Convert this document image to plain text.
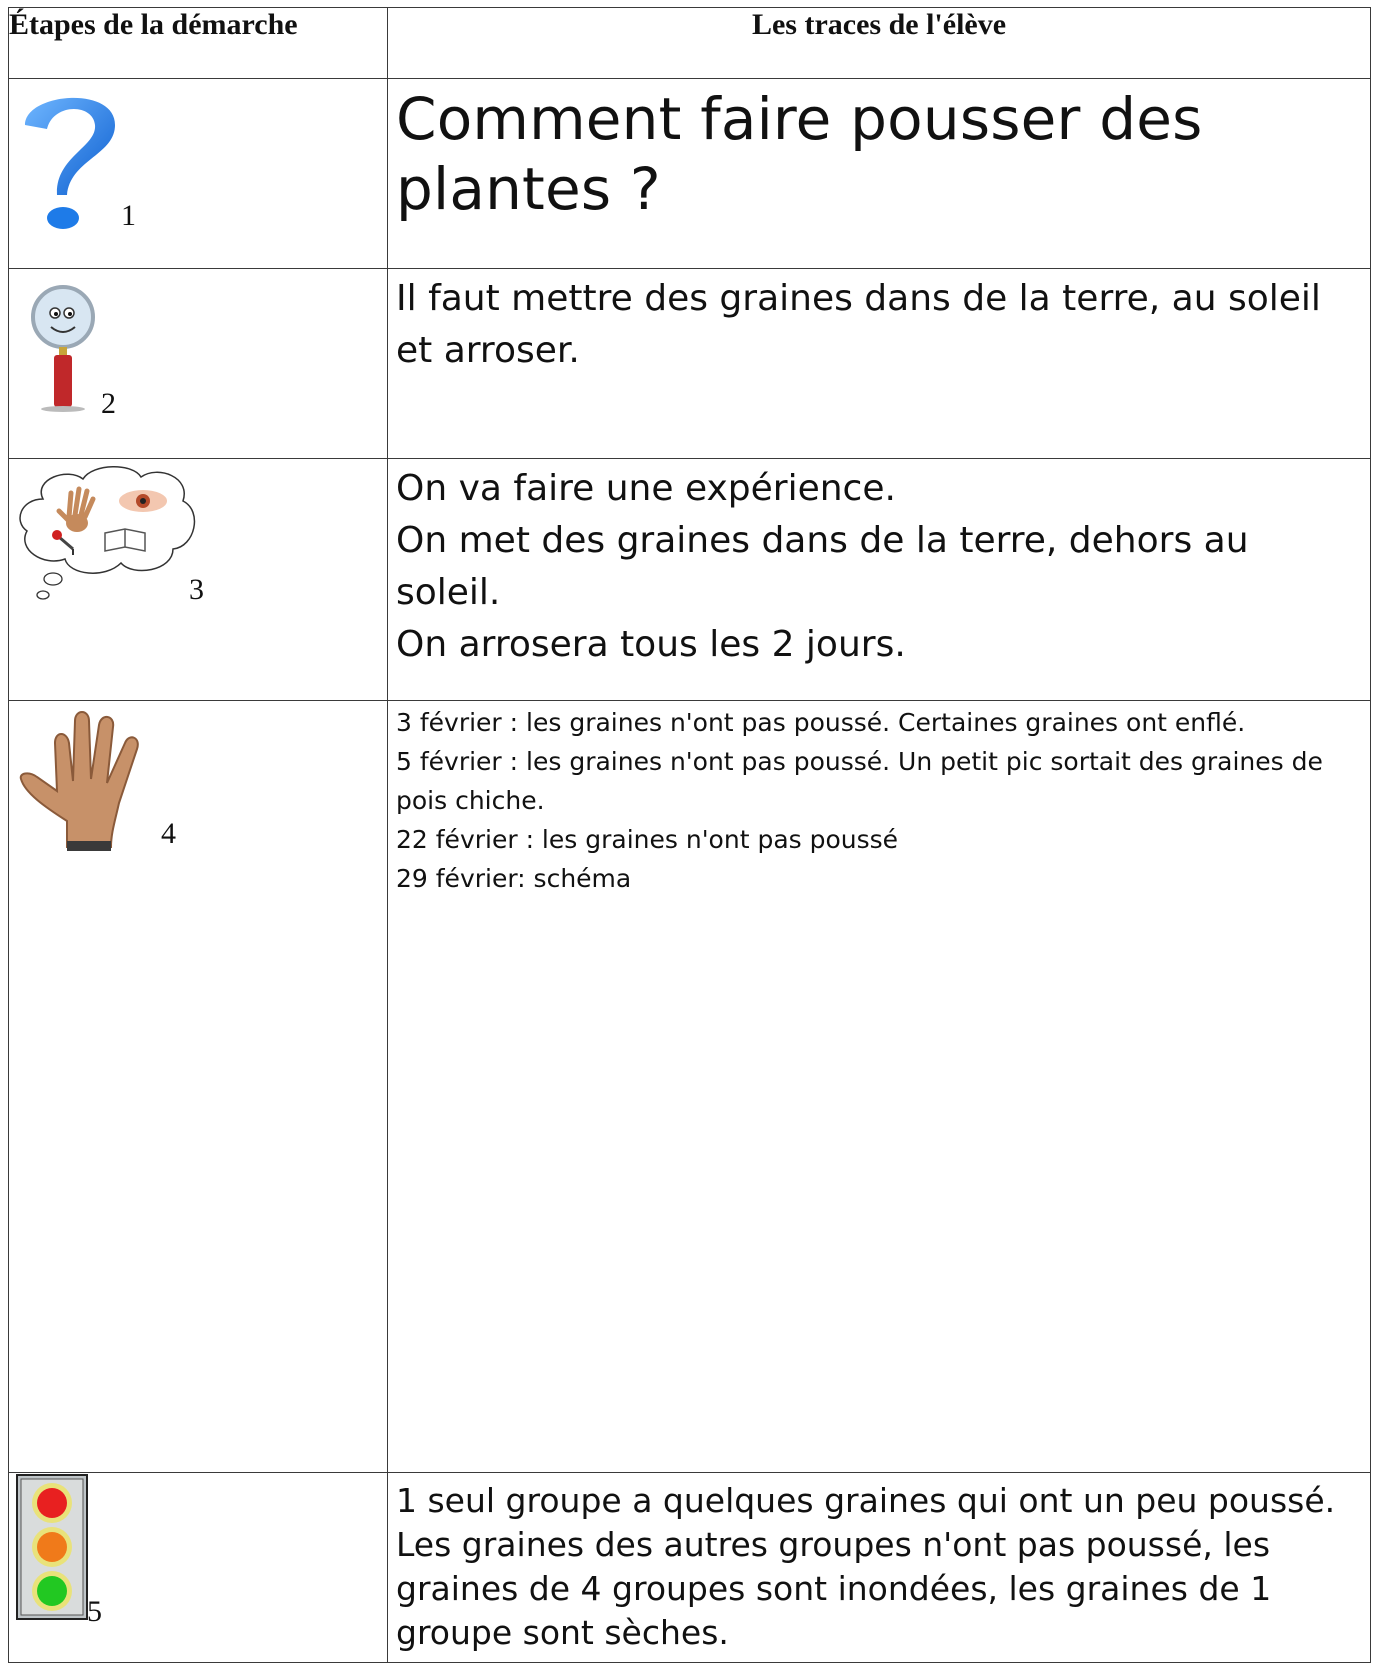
Étapes de la démarche	Les traces de l'élève

1	Comment faire pousser des plantes ?

2	Il faut mettre des graines dans de la terre, au soleil et arroser.

3	On va faire une expérience.
On met des graines dans de la terre, dehors au soleil.
On arrosera tous les 2 jours.

4	3 février : les graines n'ont pas poussé. Certaines graines ont enflé.
5 février : les graines n'ont pas poussé. Un petit pic sortait des graines de pois chiche.
22 février : les graines n'ont pas poussé
29 février: schéma

5	1 seul groupe a quelques graines qui ont un peu poussé.
Les graines des autres groupes n'ont pas poussé, les graines de 4 groupes sont inondées, les graines de 1 groupe sont sèches.
